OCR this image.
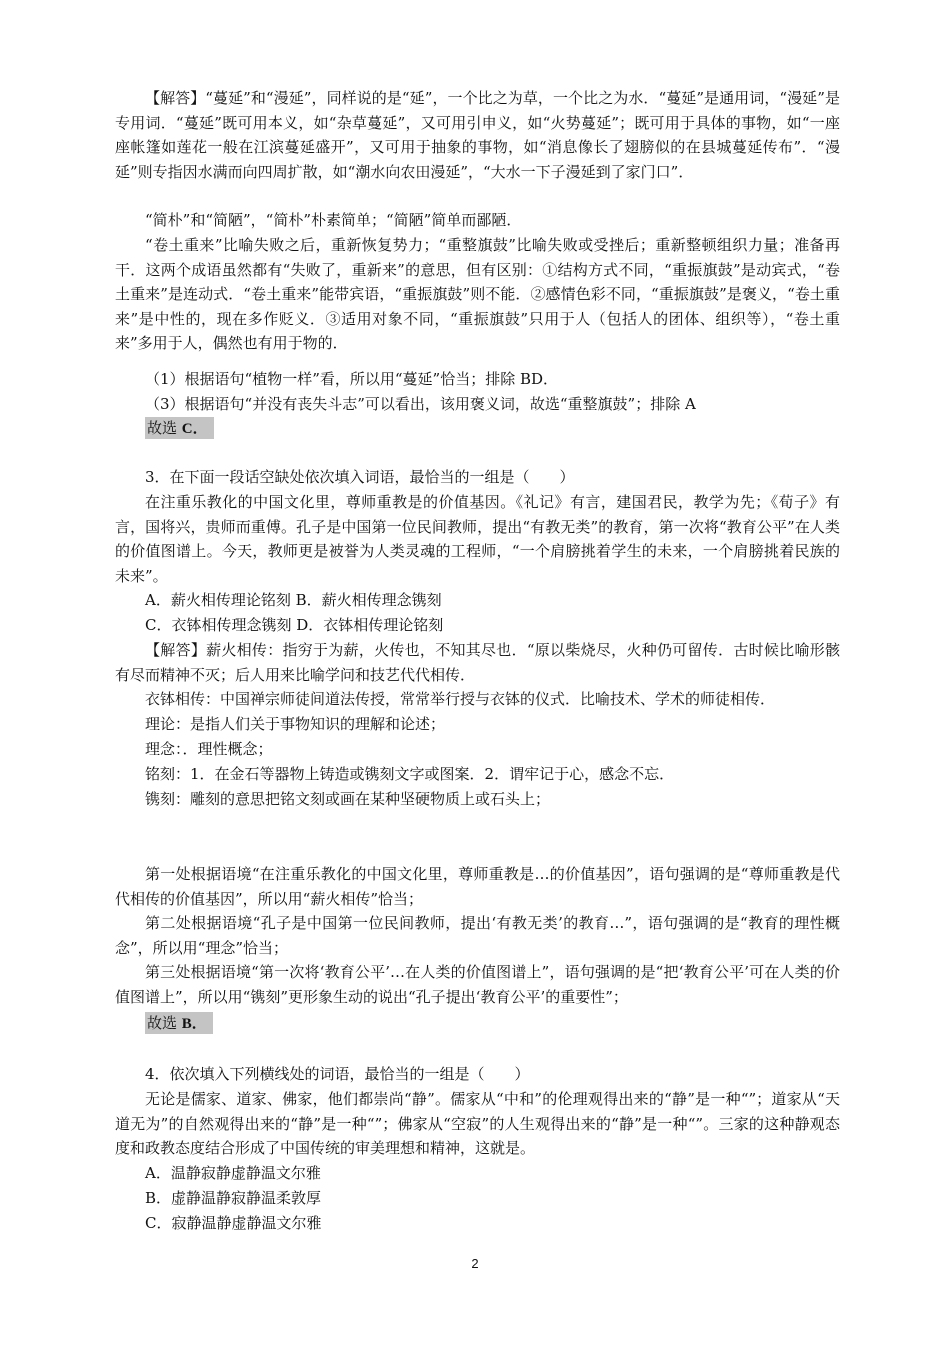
【解答】“蔓延”和“漫延”，同样说的是“延”，一个比之为草，一个比之为水．“蔓延”是通用词，“漫延”是专用词．“蔓延”既可用本义，如“杂草蔓延”，又可用引申义，如“火势蔓延”；既可用于具体的事物，如“一座座帐篷如莲花一般在江滨蔓延盛开”，又可用于抽象的事物，如“消息像长了翅膀似的在县城蔓延传布”．“漫延”则专指因水满而向四周扩散，如“潮水向农田漫延”，“大水一下子漫延到了家门口”．

“简朴”和“简陋”，“简朴”朴素简单；“简陋”简单而鄙陋．

“卷土重来”比喻失败之后，重新恢复势力；“重整旗鼓”比喻失败或受挫后；重新整顿组织力量；准备再干．这两个成语虽然都有“失败了，重新来”的意思，但有区别：①结构方式不同，“重振旗鼓”是动宾式，“卷土重来”是连动式．“卷土重来”能带宾语，“重振旗鼓”则不能．②感情色彩不同，“重振旗鼓”是褒义，“卷土重来”是中性的，现在多作贬义．③适用对象不同，“重振旗鼓”只用于人（包括人的团体、组织等），“卷土重来”多用于人，偶然也有用于物的．

（1）根据语句“植物一样”看，所以用“蔓延”恰当；排除 BD．

（3）根据语句“并没有丧失斗志”可以看出，该用褒义词，故选“重整旗鼓”；排除 A

故选 C．

3．在下面一段话空缺处依次填入词语，最恰当的一组是（　　）

在注重乐教化的中国文化里，尊师重教是的价值基因。《礼记》有言，建国君民，教学为先；《荀子》有言，国将兴，贵师而重傅。孔子是中国第一位民间教师，提出“有教无类”的教育，第一次将“教育公平”在人类的价值图谱上。今天，教师更是被誉为人类灵魂的工程师，“一个肩膀挑着学生的未来，一个肩膀挑着民族的未来”。

A．薪火相传理论铭刻 B．薪火相传理念镌刻

C．衣钵相传理念镌刻 D．衣钵相传理论铭刻

【解答】薪火相传：指穷于为薪，火传也，不知其尽也．“原以柴烧尽，火种仍可留传．古时候比喻形骸有尽而精神不灭；后人用来比喻学问和技艺代代相传．

衣钵相传：中国禅宗师徒间道法传授，常常举行授与衣钵的仪式．比喻技术、学术的师徒相传．

理论：是指人们关于事物知识的理解和论述；

理念：．理性概念；

铭刻：1．在金石等器物上铸造或镌刻文字或图案．2．谓牢记于心，感念不忘．

镌刻：雕刻的意思把铭文刻或画在某种坚硬物质上或石头上；

第一处根据语境“在注重乐教化的中国文化里，尊师重教是…的价值基因”，语句强调的是“尊师重教是代代相传的价值基因”，所以用“薪火相传”恰当；

第二处根据语境“孔子是中国第一位民间教师，提出‘有教无类’的教育…”，语句强调的是“教育的理性概念”，所以用“理念”恰当；

第三处根据语境“第一次将‘教育公平’…在人类的价值图谱上”，语句强调的是“把‘教育公平’可在人类的价值图谱上”，所以用“镌刻”更形象生动的说出“孔子提出‘教育公平’的重要性”；

故选 B．

4．依次填入下列横线处的词语，最恰当的一组是（　　）

无论是儒家、道家、佛家，他们都崇尚“静”。儒家从“中和”的伦理观得出来的“静”是一种“”；道家从“天道无为”的自然观得出来的“静”是一种“”；佛家从“空寂”的人生观得出来的“静”是一种“”。三家的这种静观态度和政教态度结合形成了中国传统的审美理想和精神，这就是。

A．温静寂静虚静温文尔雅

B．虚静温静寂静温柔敦厚

C．寂静温静虚静温文尔雅

2
